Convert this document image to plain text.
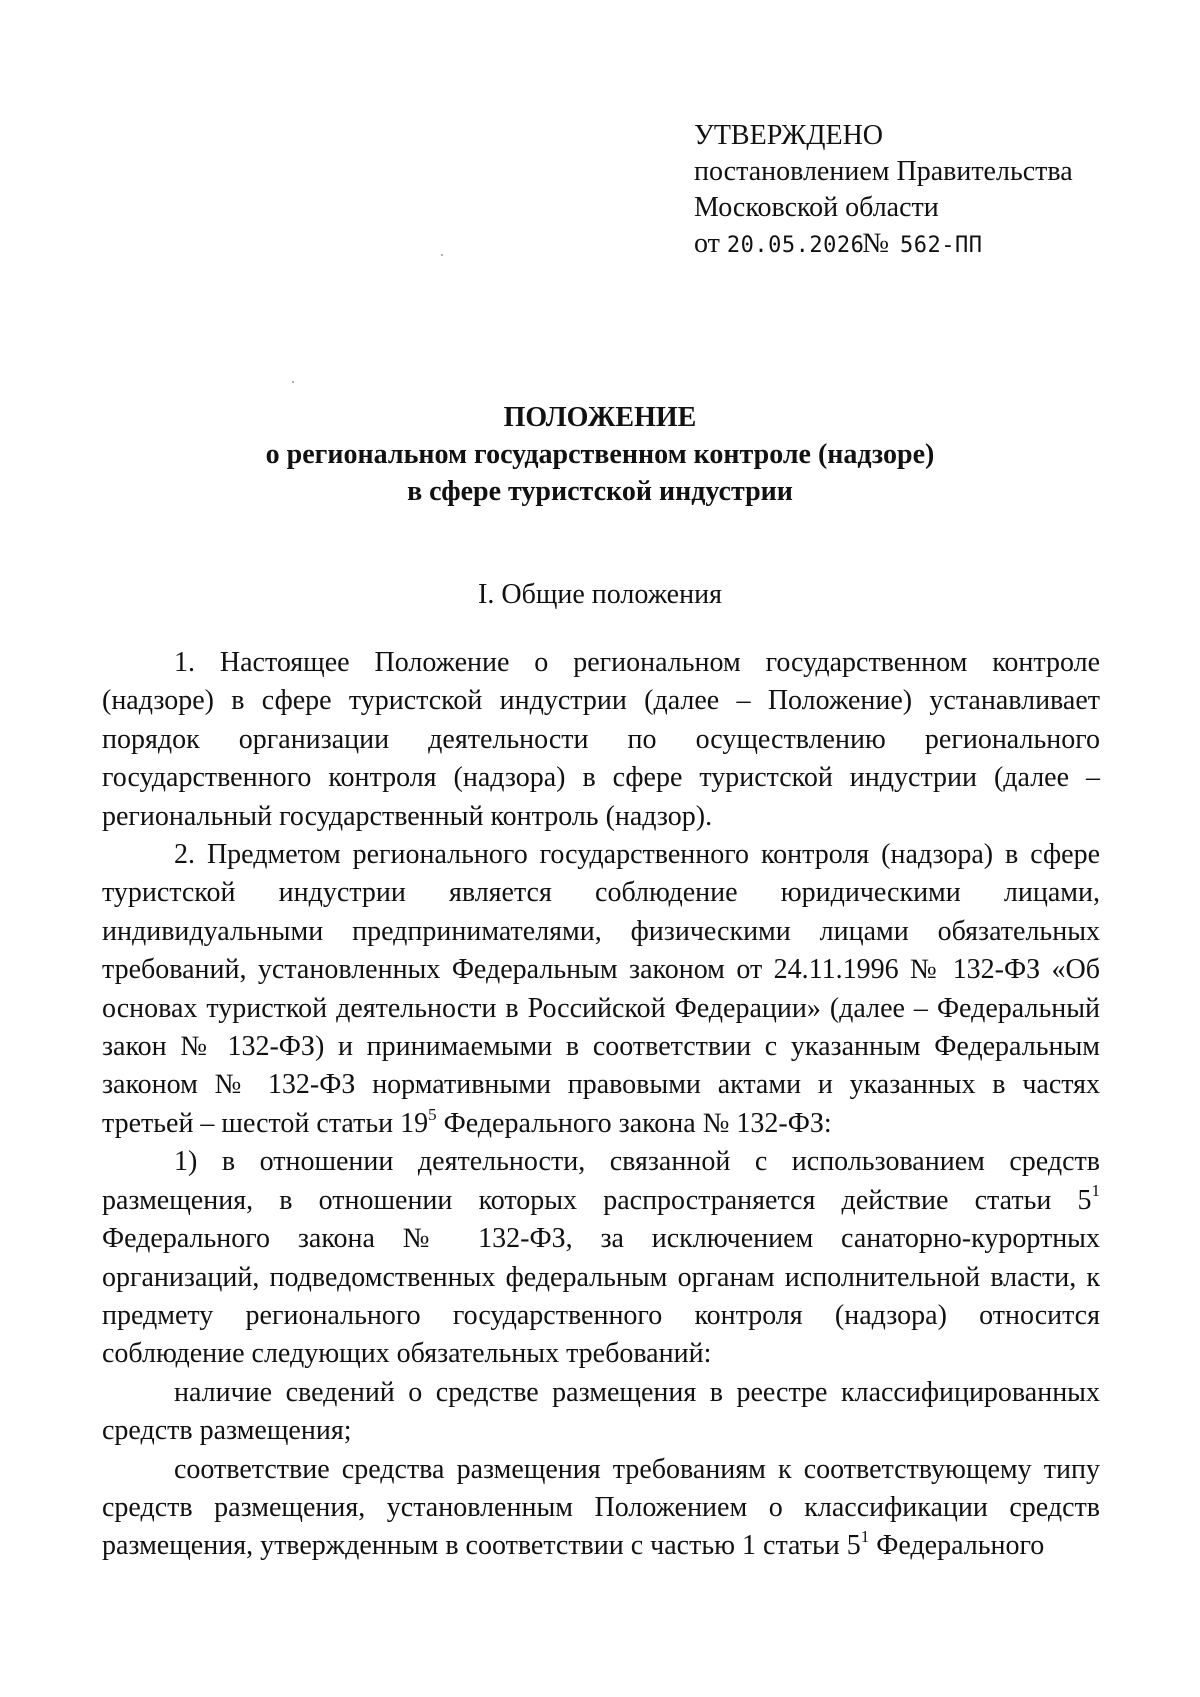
УТВЕРЖДЕНО
постановлением Правительства
Московской области
от 20.05.2026№ 562-ПП
ПОЛОЖЕНИЕ
о региональном государственном контроле (надзоре)
в сфере туристской индустрии
I. Общие положения

1. Настоящее Положение о региональном государственном контроле (надзоре) в сфере туристской индустрии (далее – Положение) устанавливает порядок организации деятельности по осуществлению регионального государственного контроля (надзора) в сфере туристской индустрии (далее – региональный государственный контроль (надзор).

2. Предметом регионального государственного контроля (надзора) в сфере туристской индустрии является соблюдение юридическими лицами, индивидуальными предпринимателями, физическими лицами обязательных требований, установленных Федеральным законом от 24.11.1996 № 132-ФЗ «Об основах туристкой деятельности в Российской Федерации» (далее – Федеральный закон № 132-ФЗ) и принимаемыми в соответствии с указанным Федеральным законом № 132-ФЗ нормативными правовыми актами и указанных в частях третьей – шестой статьи $19^5$ Федерального закона № 132-ФЗ:

1) в отношении деятельности, связанной с использованием средств размещения, в отношении которых распространяется действие статьи $5^1$ Федерального закона № 132-ФЗ, за исключением санаторно-курортных организаций, подведомственных федеральным органам исполнительной власти, к предмету регионального государственного контроля (надзора) относится соблюдение следующих обязательных требований:

наличие сведений о средстве размещения в реестре классифицированных средств размещения;

соответствие средства размещения требованиям к соответствующему типу средств размещения, установленным Положением о классификации средств размещения, утвержденным в соответствии с частью 1 статьи $5^1$ Федерального
